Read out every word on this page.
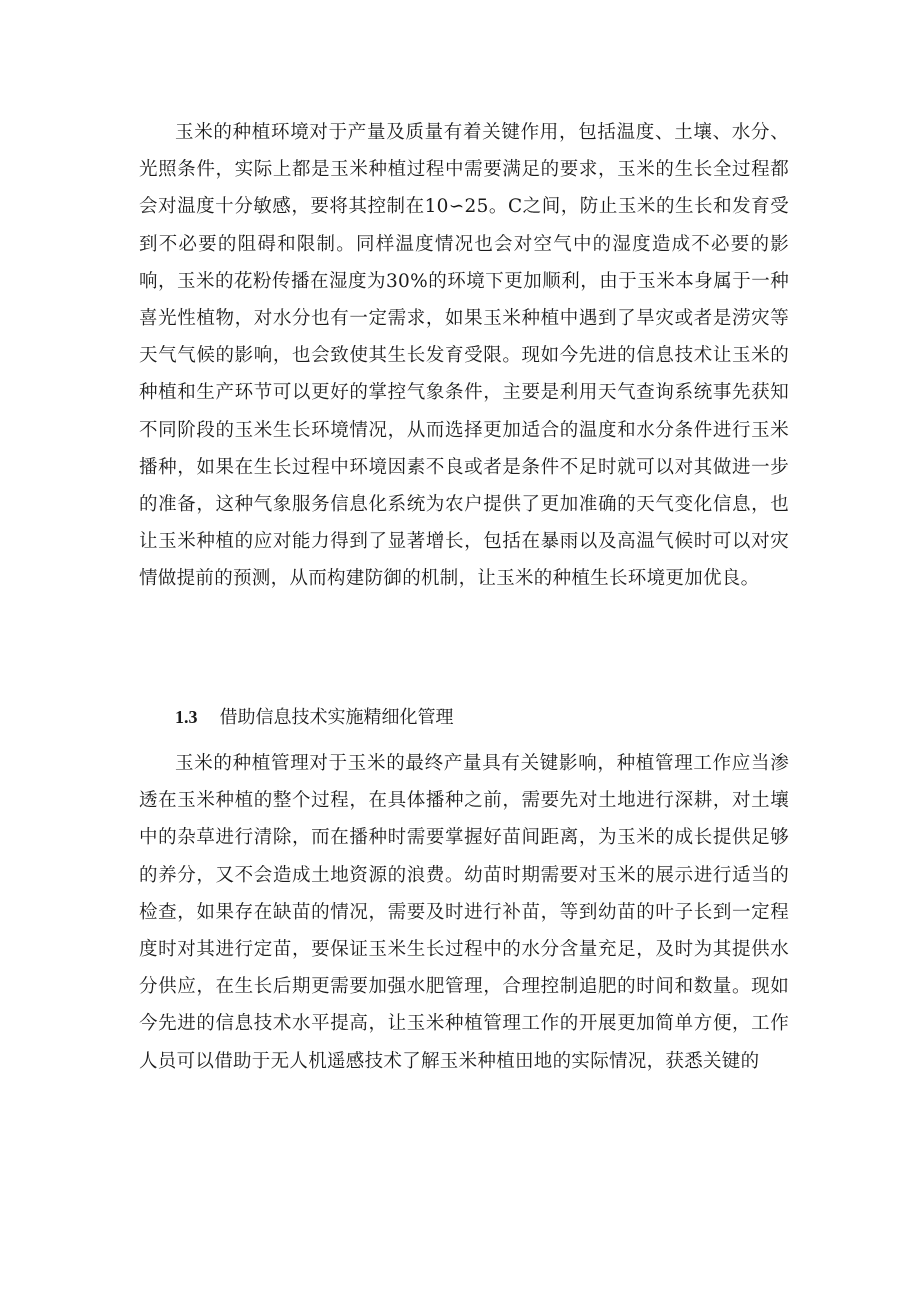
玉米的种植环境对于产量及质量有着关键作用，包括温度、土壤、水分、光照条件，实际上都是玉米种植过程中需要满足的要求，玉米的生长全过程都会对温度十分敏感，要将其控制在10∽25。C之间，防止玉米的生长和发育受到不必要的阻碍和限制。同样温度情况也会对空气中的湿度造成不必要的影响，玉米的花粉传播在湿度为30%的环境下更加顺利，由于玉米本身属于一种喜光性植物，对水分也有一定需求，如果玉米种植中遇到了旱灾或者是涝灾等天气气候的影响，也会致使其生长发育受限。现如今先进的信息技术让玉米的种植和生产环节可以更好的掌控气象条件，主要是利用天气查询系统事先获知不同阶段的玉米生长环境情况，从而选择更加适合的温度和水分条件进行玉米播种，如果在生长过程中环境因素不良或者是条件不足时就可以对其做进一步的准备，这种气象服务信息化系统为农户提供了更加准确的天气变化信息，也让玉米种植的应对能力得到了显著增长，包括在暴雨以及高温气候时可以对灾情做提前的预测，从而构建防御的机制，让玉米的种植生长环境更加优良。

1.3 借助信息技术实施精细化管理

玉米的种植管理对于玉米的最终产量具有关键影响，种植管理工作应当渗透在玉米种植的整个过程，在具体播种之前，需要先对土地进行深耕，对土壤中的杂草进行清除，而在播种时需要掌握好苗间距离，为玉米的成长提供足够的养分，又不会造成土地资源的浪费。幼苗时期需要对玉米的展示进行适当的检查，如果存在缺苗的情况，需要及时进行补苗，等到幼苗的叶子长到一定程度时对其进行定苗，要保证玉米生长过程中的水分含量充足，及时为其提供水分供应，在生长后期更需要加强水肥管理，合理控制追肥的时间和数量。现如今先进的信息技术水平提高，让玉米种植管理工作的开展更加简单方便，工作人员可以借助于无人机遥感技术了解玉米种植田地的实际情况，获悉关键的
